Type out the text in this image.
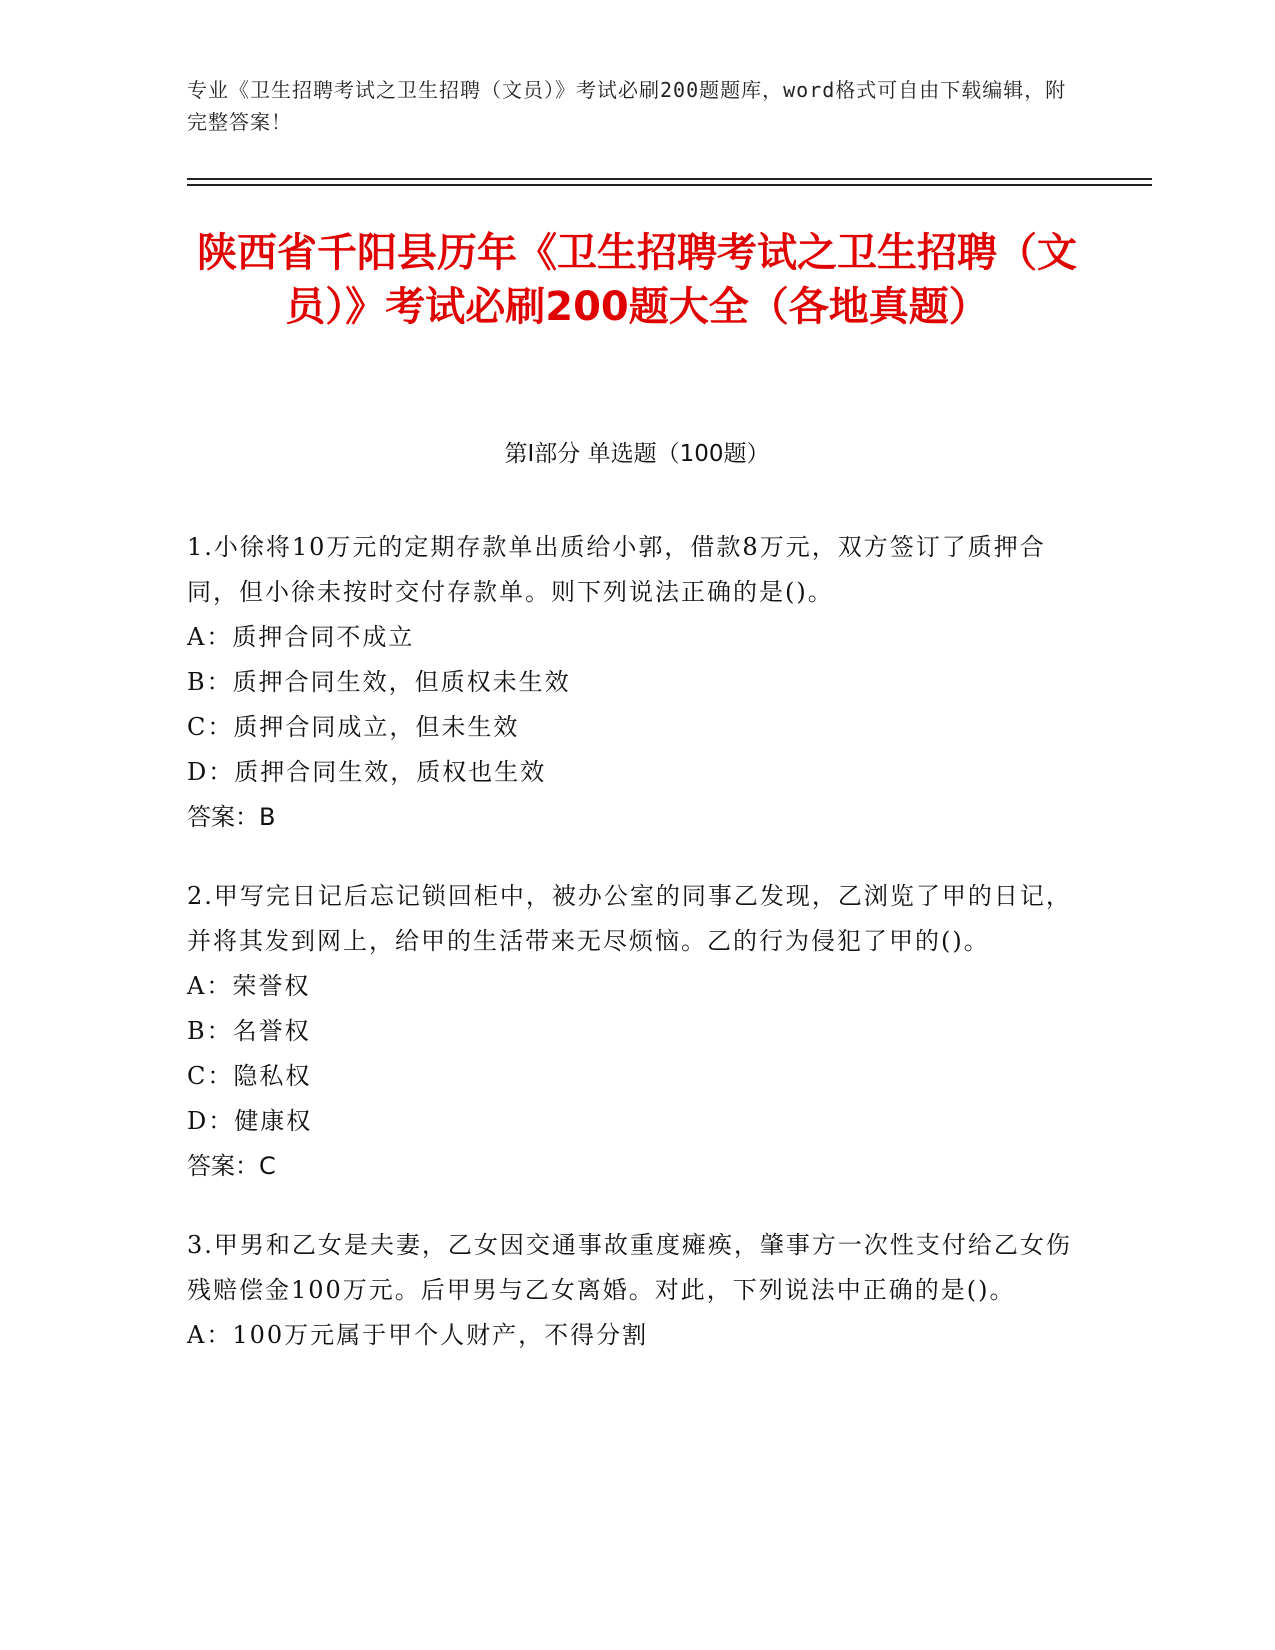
专业《卫生招聘考试之卫生招聘（文员）》考试必刷200题题库，word格式可自由下载编辑，附完整答案！
陕西省千阳县历年《卫生招聘考试之卫生招聘（文员）》考试必刷200题大全（各地真题）
第I部分 单选题（100题）

1.小徐将10万元的定期存款单出质给小郭，借款8万元，双方签订了质押合同，但小徐未按时交付存款单。则下列说法正确的是()。

A：质押合同不成立

B：质押合同生效，但质权未生效

C：质押合同成立，但未生效

D：质押合同生效，质权也生效

答案：B

2.甲写完日记后忘记锁回柜中，被办公室的同事乙发现，乙浏览了甲的日记，并将其发到网上，给甲的生活带来无尽烦恼。乙的行为侵犯了甲的()。

A：荣誉权

B：名誉权

C：隐私权

D：健康权

答案：C

3.甲男和乙女是夫妻，乙女因交通事故重度瘫痪，肇事方一次性支付给乙女伤残赔偿金100万元。后甲男与乙女离婚。对此，下列说法中正确的是()。

A：100万元属于甲个人财产，不得分割
